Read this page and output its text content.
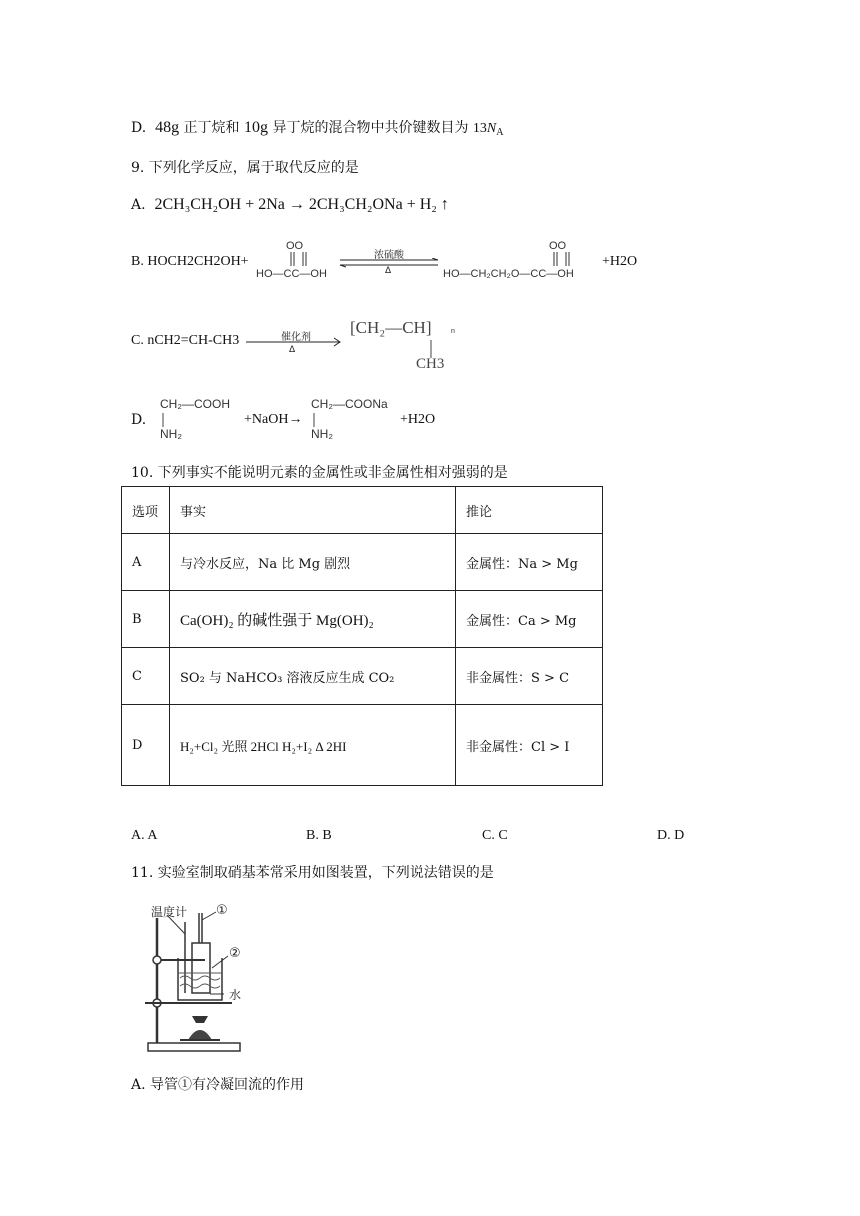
D. 48g 正丁烷和 10g 异丁烷的混合物中共价键数目为 $13N_A$
9. 下列化学反应，属于取代反应的是
A. 2CH₃CH₂OH + 2Na → 2CH₃CH₂ONa + H₂ ↑
B. HOCH2CH2OH+
OO
HO—CC—OH
浓硫酸
Δ
OO
HO—CH₂CH₂O—CC—OH
+H2O
C. nCH2=CH-CH3	催化剂
Δ
[CH₂—CH]	n
CH3
D.
CH₂—COOH
NH₂
+NaOH→
CH₂—COONa
NH₂
+H2O
10. 下列事实不能说明元素的金属性或非金属性相对强弱的是
选项	事实	推论
A	与冷水反应，Na 比 Mg 剧烈	金属性：Na > Mg
B	Ca(OH)₂ 的碱性强于 Mg(OH)₂	金属性：Ca > Mg
C	SO₂ 与 NaHCO₃ 溶液反应生成 CO₂	非金属性：S > C
D	H₂+Cl₂ 光照 2HCl H₂+I₂ Δ 2HI	非金属性：Cl > I
A. A	B. B	C. C	D. D
11. 实验室制取硝基苯常采用如图装置，下列说法错误的是
温度计 ①
②
水
A. 导管①有冷凝回流的作用
